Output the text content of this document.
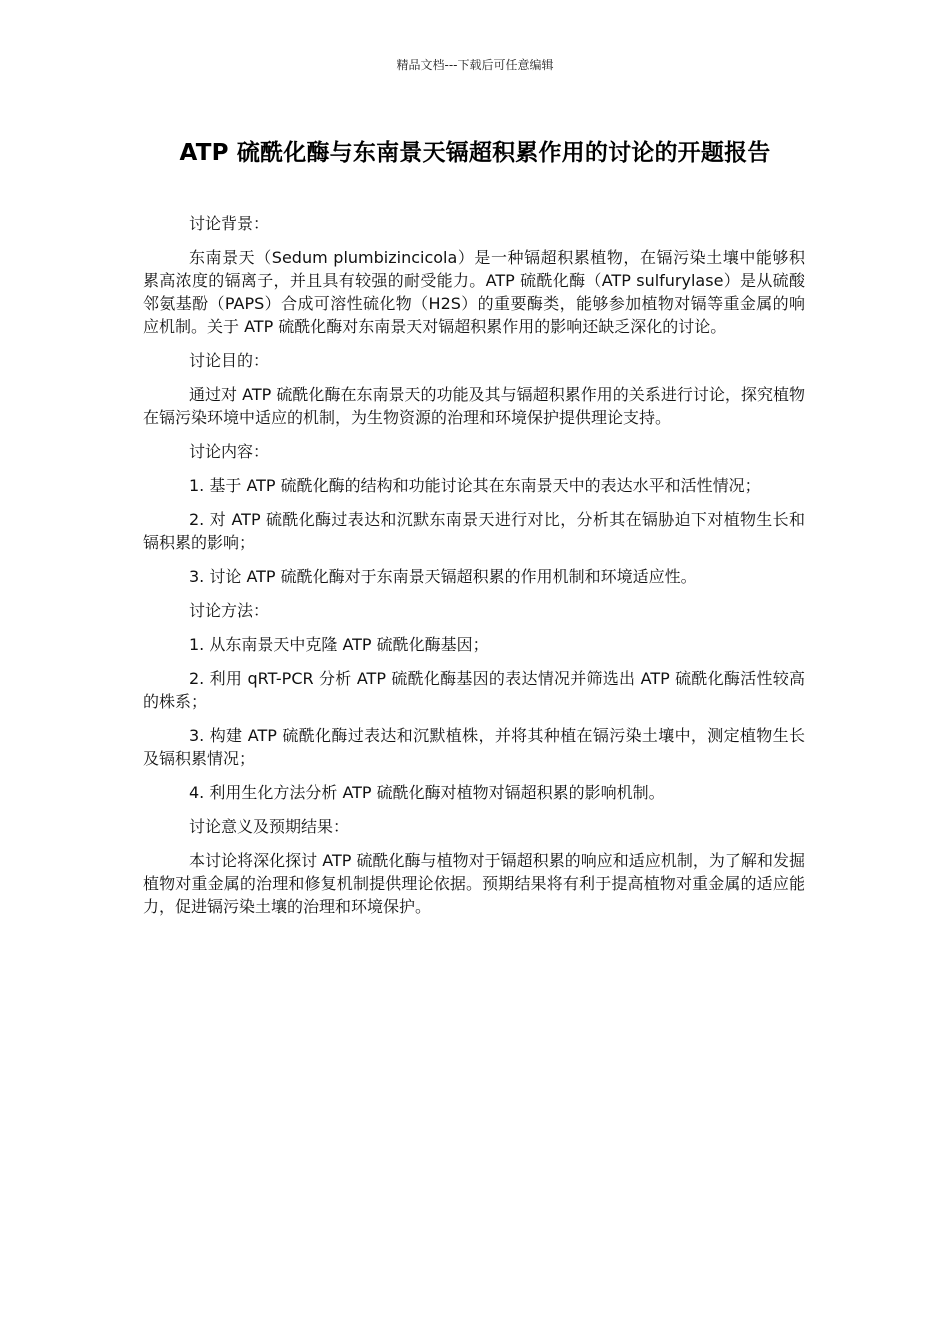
精品文档---下载后可任意编辑
ATP 硫酰化酶与东南景天镉超积累作用的讨论的开题报告

讨论背景：

东南景天（Sedum plumbizincicola）是一种镉超积累植物，在镉污染土壤中能够积累高浓度的镉离子，并且具有较强的耐受能力。ATP 硫酰化酶（ATP sulfurylase）是从硫酸邻氨基酚（PAPS）合成可溶性硫化物（H2S）的重要酶类，能够参加植物对镉等重金属的响应机制。关于 ATP 硫酰化酶对东南景天对镉超积累作用的影响还缺乏深化的讨论。

讨论目的：

通过对 ATP 硫酰化酶在东南景天的功能及其与镉超积累作用的关系进行讨论，探究植物在镉污染环境中适应的机制，为生物资源的治理和环境保护提供理论支持。

讨论内容：

1. 基于 ATP 硫酰化酶的结构和功能讨论其在东南景天中的表达水平和活性情况；

2. 对 ATP 硫酰化酶过表达和沉默东南景天进行对比，分析其在镉胁迫下对植物生长和镉积累的影响；

3. 讨论 ATP 硫酰化酶对于东南景天镉超积累的作用机制和环境适应性。

讨论方法：

1. 从东南景天中克隆 ATP 硫酰化酶基因；

2. 利用 qRT-PCR 分析 ATP 硫酰化酶基因的表达情况并筛选出 ATP 硫酰化酶活性较高的株系；

3. 构建 ATP 硫酰化酶过表达和沉默植株，并将其种植在镉污染土壤中，测定植物生长及镉积累情况；

4. 利用生化方法分析 ATP 硫酰化酶对植物对镉超积累的影响机制。

讨论意义及预期结果：

本讨论将深化探讨 ATP 硫酰化酶与植物对于镉超积累的响应和适应机制，为了解和发掘植物对重金属的治理和修复机制提供理论依据。预期结果将有利于提高植物对重金属的适应能力，促进镉污染土壤的治理和环境保护。
